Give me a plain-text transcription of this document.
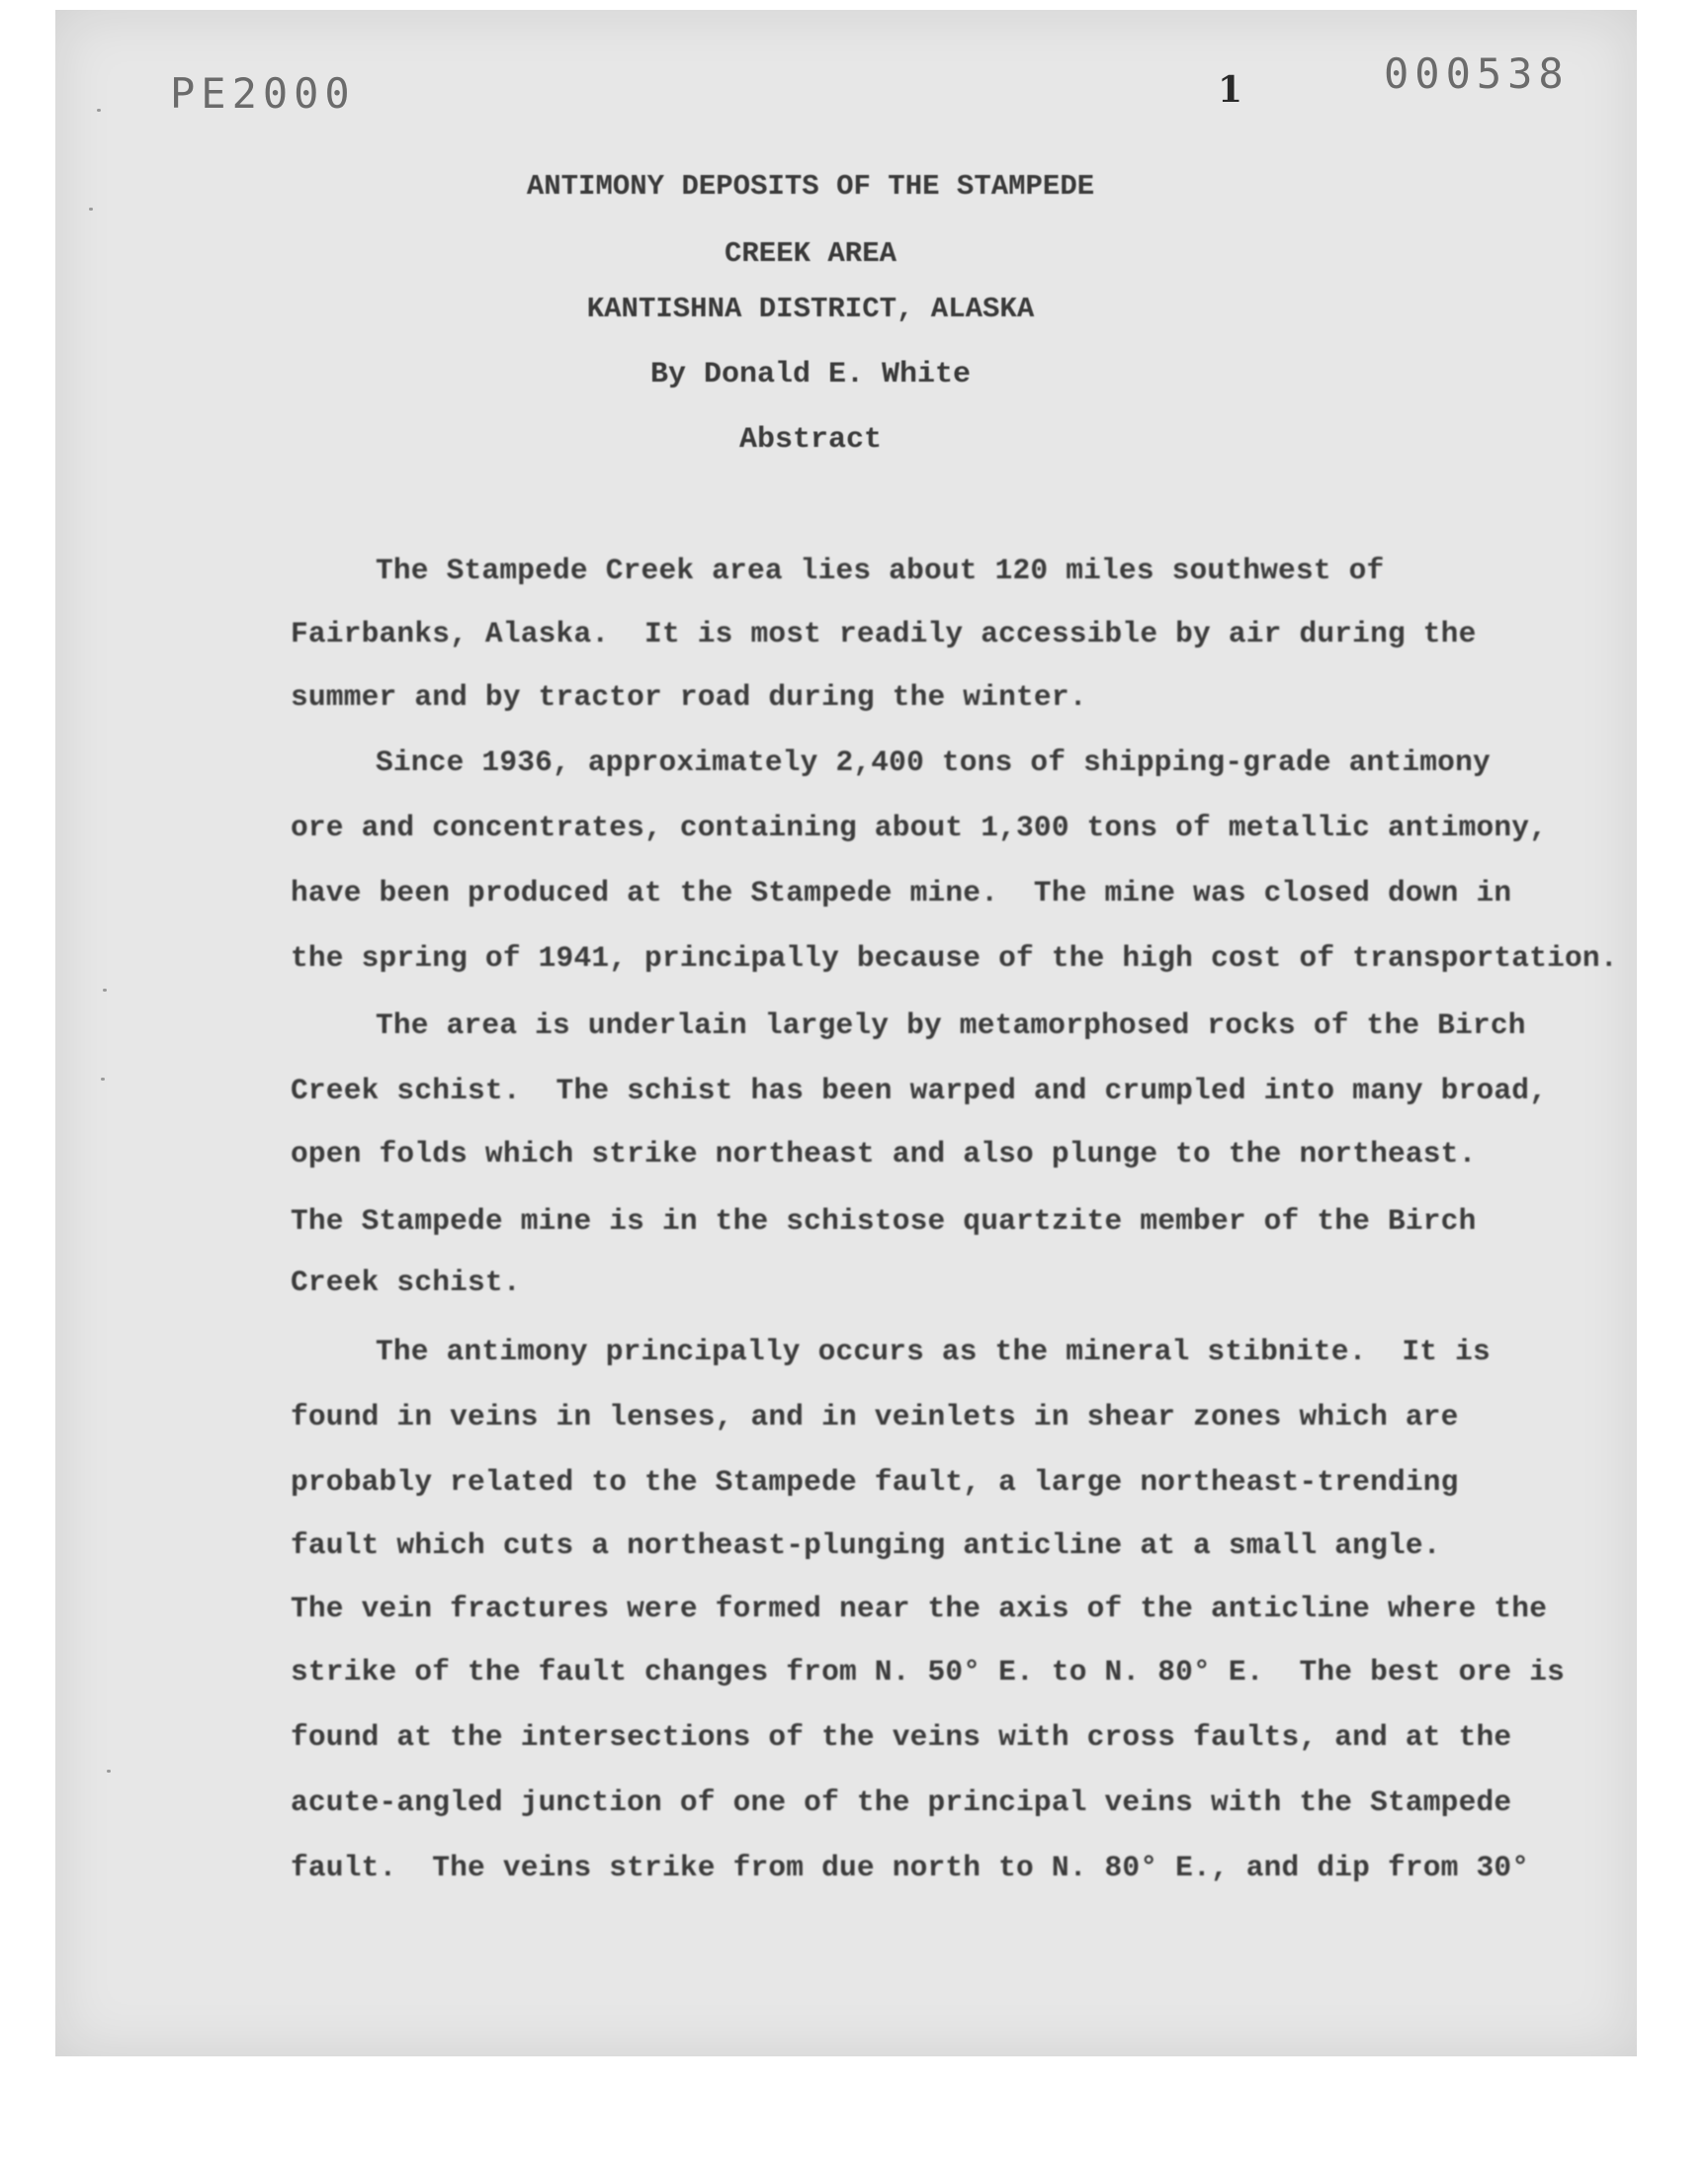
PE2000	1	000538
ANTIMONY DEPOSITS OF THE STAMPEDE
CREEK AREA
KANTISHNA DISTRICT, ALASKA
By Donald E. White
Abstract
The Stampede Creek area lies about 120 miles southwest of
Fairbanks, Alaska.  It is most readily accessible by air during the
summer and by tractor road during the winter.
Since 1936, approximately 2,400 tons of shipping-grade antimony
ore and concentrates, containing about 1,300 tons of metallic antimony,
have been produced at the Stampede mine.  The mine was closed down in
the spring of 1941, principally because of the high cost of transportation.
The area is underlain largely by metamorphosed rocks of the Birch
Creek schist.  The schist has been warped and crumpled into many broad,
open folds which strike northeast and also plunge to the northeast.
The Stampede mine is in the schistose quartzite member of the Birch
Creek schist.
The antimony principally occurs as the mineral stibnite.  It is
found in veins in lenses, and in veinlets in shear zones which are
probably related to the Stampede fault, a large northeast-trending
fault which cuts a northeast-plunging anticline at a small angle.
The vein fractures were formed near the axis of the anticline where the
strike of the fault changes from N. 50° E. to N. 80° E.  The best ore is
found at the intersections of the veins with cross faults, and at the
acute-angled junction of one of the principal veins with the Stampede
fault.  The veins strike from due north to N. 80° E., and dip from 30°
